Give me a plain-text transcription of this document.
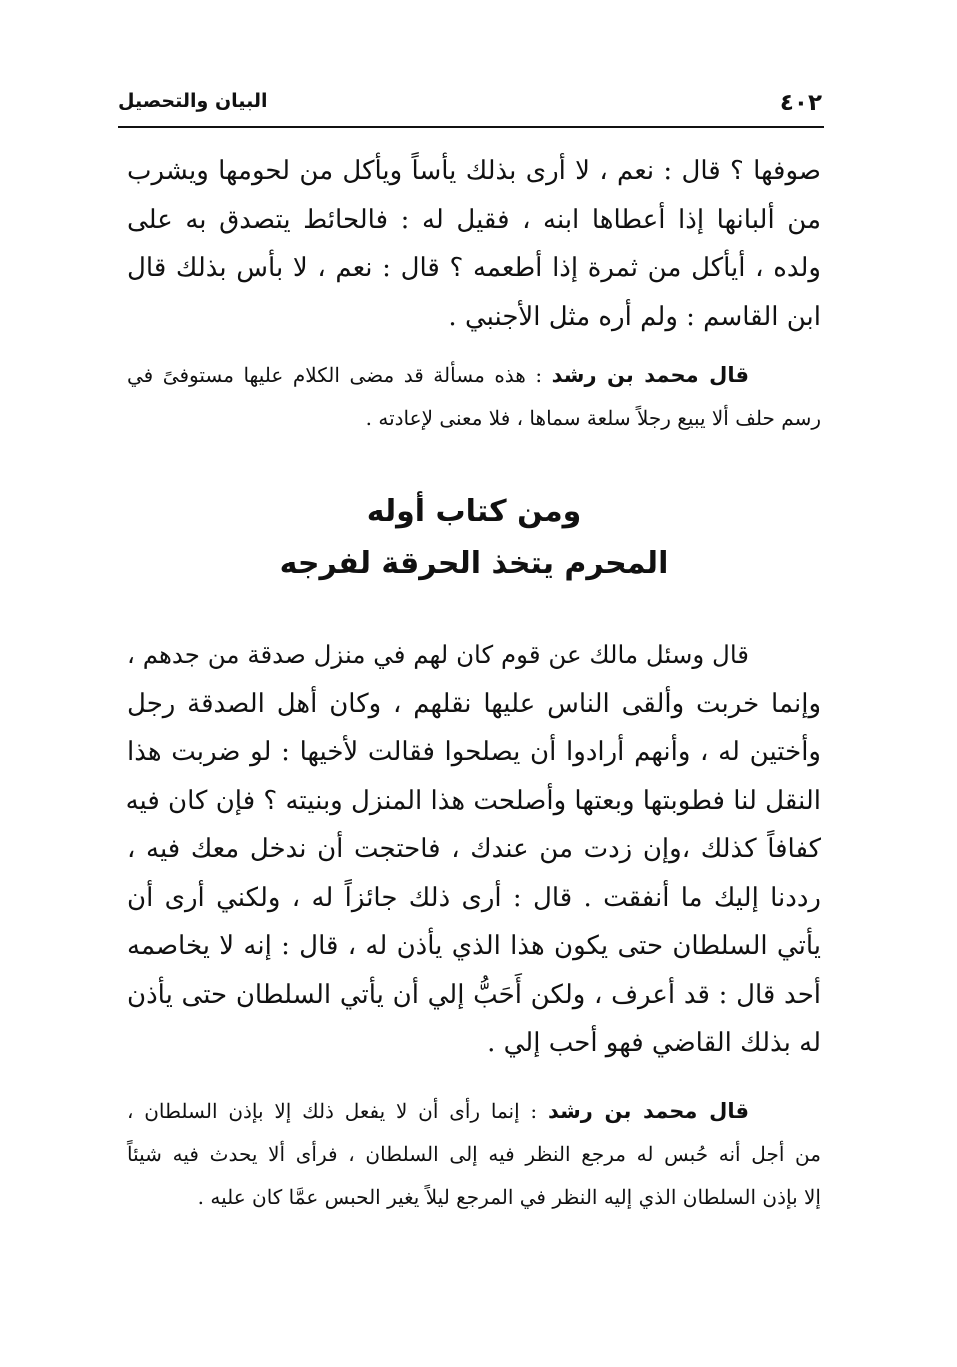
٤٠٢
البيان والتحصيل
صوفها ؟ قال : نعم ، لا أرى بذلك يأساً ويأكل من لحومها ويشرب
من ألبانها إذا أعطاها ابنه ، فقيل له : فالحائط يتصدق به على
ولده ، أيأكل من ثمرة إذا أطعمه ؟ قال : نعم ، لا بأس بذلك قال
ابن القاسم : ولم أره مثل الأجنبي .
قال محمد بن رشد : هذه مسألة قد مضى الكلام عليها مستوفىً في
رسم حلف ألا يبيع رجلاً سلعة سماها ، فلا معنى لإعادته .
ومن كتاب أوله
المحرم يتخذ الحرقة لفرجه
قال وسئل مالك عن قوم كان لهم في منزل صدقة من جدهم ،
وإنما خربت وألقى الناس عليها نقلهم ، وكان أهل الصدقة رجل
وأختين له ، وأنهم أرادوا أن يصلحوا فقالت لأخيها : لو ضربت هذا
النقل لنا فطوبتها وبعتها وأصلحت هذا المنزل وبنيته ؟ فإن كان فيه
كفافاً كذلك ،وإن زدت من عندك ، فاحتجت أن ندخل معك فيه ،
رددنا إليك ما أنفقت . قال : أرى ذلك جائزاً له ، ولكني أرى أن
يأتي السلطان حتى يكون هذا الذي يأذن له ، قال : إنه لا يخاصمه
أحد قال : قد أعرف ، ولكن أَحَبُّ إلي أن يأتي السلطان حتى يأذن
له بذلك القاضي فهو أحب إلي .
قال محمد بن رشد : إنما رأى أن لا يفعل ذلك إلا بإذن السلطان ،
من أجل أنه حُبس له مرجع النظر فيه إلى السلطان ، فرأى ألا يحدث فيه شيئاً
إلا بإذن السلطان الذي إليه النظر في المرجع ليلاً يغير الحبس عمَّا كان عليه .
